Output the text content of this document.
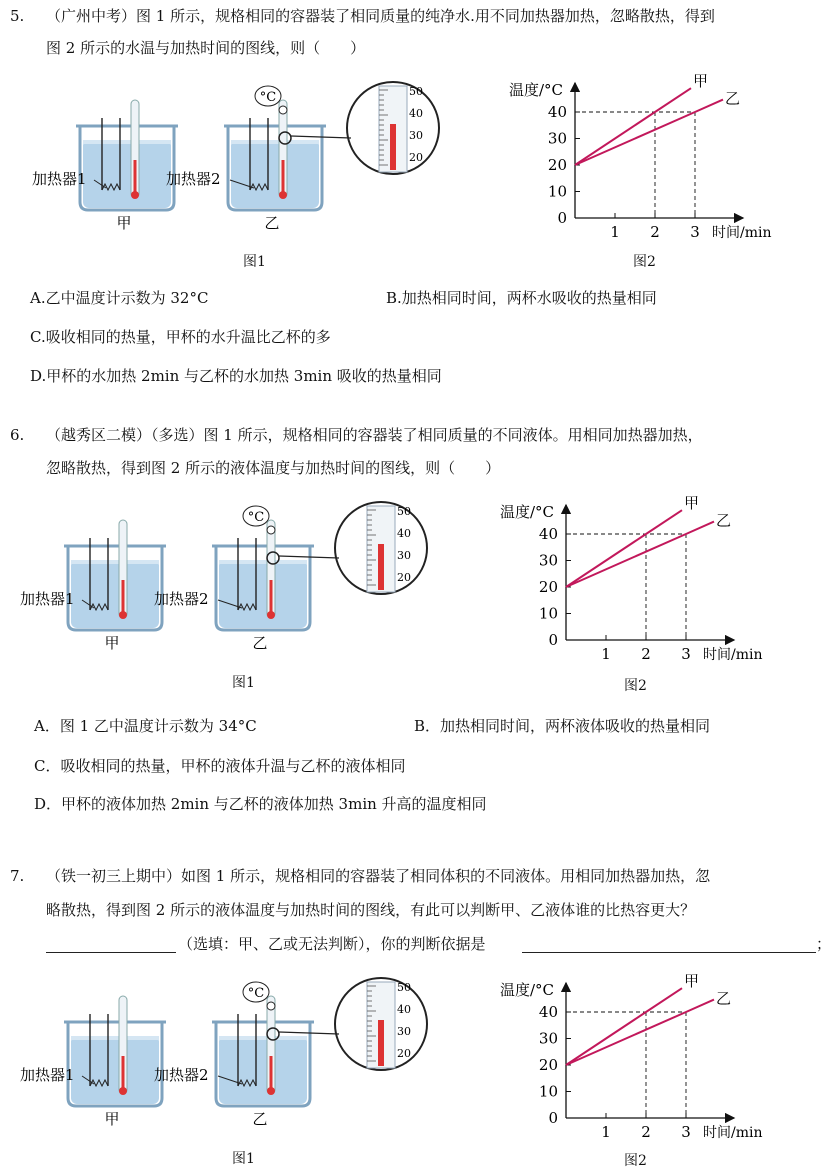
5. （广州中考）图 1 所示，规格相同的容器装了相同质量的纯净水.用不同加热器加热，忽略散热，得到
图 2 所示的水温与加热时间的图线，则（　　）
甲	乙
加热器1	加热器2
°C	50
40
30
20
图1
温度/°C
时间/min
0
10
20
30
40
1 2 3
甲
乙
图2
A.乙中温度计示数为 32°C	B.加热相同时间，两杯水吸收的热量相同
C.吸收相同的热量，甲杯的水升温比乙杯的多
D.甲杯的水加热 2min 与乙杯的水加热 3min 吸收的热量相同
6. （越秀区二模）（多选）图 1 所示，规格相同的容器装了相同质量的不同液体。用相同加热器加热，
忽略散热，得到图 2 所示的液体温度与加热时间的图线，则（　　）
甲	乙
加热器1	加热器2
°C	50
40
30
20
图1
温度/°C
时间/min
0
10
20
30
40
1 2 3
甲
乙
图2
A．图 1 乙中温度计示数为 34°C	B．加热相同时间，两杯液体吸收的热量相同
C．吸收相同的热量，甲杯的液体升温与乙杯的液体相同
D．甲杯的液体加热 2min 与乙杯的液体加热 3min 升高的温度相同
7. （铁一初三上期中）如图 1 所示，规格相同的容器装了相同体积的不同液体。用相同加热器加热，忽
略散热，得到图 2 所示的液体温度与加热时间的图线，有此可以判断甲、乙液体谁的比热容更大？
（选填：甲、乙或无法判断），你的判断依据是	；
甲	乙
加热器1	加热器2
°C	50
40
30
20
图1
温度/°C
时间/min
0
10
20
30
40
1 2 3
甲
乙
图2
